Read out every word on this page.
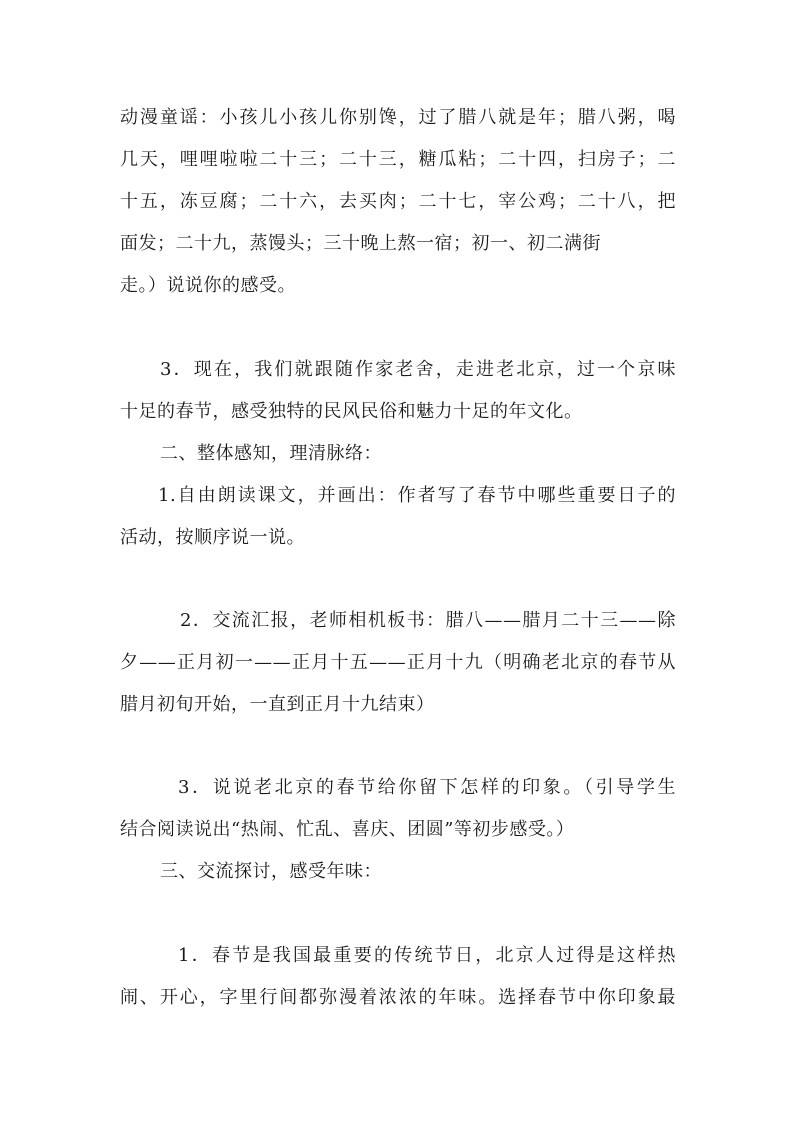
动漫童谣：小孩儿小孩儿你别馋，过了腊八就是年；腊八粥，喝
几天，哩哩啦啦二十三；二十三，糖瓜粘；二十四，扫房子；二
十五，冻豆腐；二十六，去买肉；二十七，宰公鸡；二十八，把
面发；二十九，蒸馒头；三十晚上熬一宿；初一、初二满街
走。）说说你的感受。
3．现在，我们就跟随作家老舍，走进老北京，过一个京味
十足的春节，感受独特的民风民俗和魅力十足的年文化。
二、整体感知，理清脉络：
1.自由朗读课文，并画出：作者写了春节中哪些重要日子的
活动，按顺序说一说。
2．交流汇报，老师相机板书：腊八——腊月二十三——除
夕——正月初一——正月十五——正月十九（明确老北京的春节从
腊月初旬开始，一直到正月十九结束）
3．说说老北京的春节给你留下怎样的印象。（引导学生
结合阅读说出“热闹、忙乱、喜庆、团圆”等初步感受。）
三、交流探讨，感受年味：
1．春节是我国最重要的传统节日，北京人过得是这样热
闹、开心，字里行间都弥漫着浓浓的年味。选择春节中你印象最
